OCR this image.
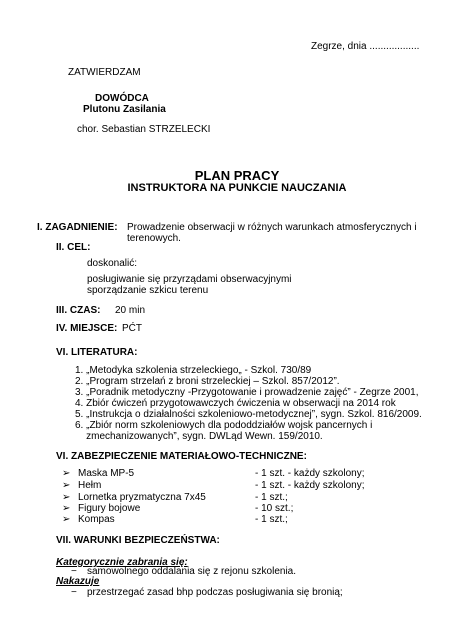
Zegrze, dnia ..................
ZATWIERDZAM
DOWÓDCA
Plutonu Zasilania
chor. Sebastian STRZELECKI
PLAN PRACY
INSTRUKTORA NA PUNKCIE NAUCZANIA
I. ZAGADNIENIE: Prowadzenie obserwacji w różnych warunkach atmosferycznych i
terenowych.
II. CEL:
doskonalić:
posługiwanie się przyrządami obserwacyjnymi
sporządzanie szkicu terenu
III. CZAS: 20 min
IV. MIEJSCE: PĆT
VI. LITERATURA:
1. „Metodyka szkolenia strzeleckiego„ - Szkol. 730/89
2. „Program strzelań z broni strzeleckiej – Szkol. 857/2012”.
3. „Poradnik metodyczny -Przygotowanie i prowadzenie zajęć” - Zegrze 2001,
4. Zbiór ćwiczeń przygotowawczych ćwiczenia w obserwacji na 2014 rok
5. „Instrukcja o działalności szkoleniowo-metodycznej”, sygn. Szkol. 816/2009.
6. „Zbiór norm szkoleniowych dla pododdziałów wojsk pancernych i
zmechanizowanych”, sygn. DWLąd Wewn. 159/2010.
VI. ZABEZPIECZENIE MATERIAŁOWO-TECHNICZNE:
➢ Maska MP-5	- 1 szt. - każdy szkolony;
➢ Hełm	- 1 szt. - każdy szkolony;
➢ Lornetka pryzmatyczna 7x45	- 1 szt.;
➢ Figury bojowe	- 10 szt.;
➢ Kompas	- 1 szt.;
VII. WARUNKI BEZPIECZEŃSTWA:
Kategorycznie zabrania się:
− samowolnego oddalania się z rejonu szkolenia.
Nakazuje
− przestrzegać zasad bhp podczas posługiwania się bronią;
